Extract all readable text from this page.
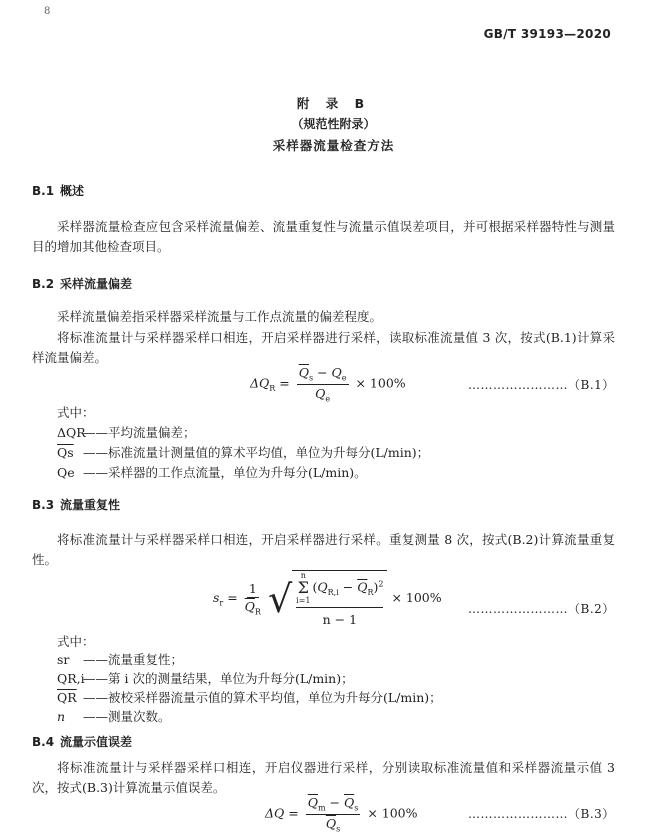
8
GB/T 39193—2020
附 录 B
（规范性附录）
采样器流量检查方法
B.1 概述
采样器流量检查应包含采样流量偏差、流量重复性与流量示值误差项目，并可根据采样器特性与测量目的增加其他检查项目。
B.2 采样流量偏差
采样流量偏差指采样器采样流量与工作点流量的偏差程度。
将标准流量计与采样器采样口相连，开启采样器进行采样，读取标准流量值 3 次，按式(B.1)计算采样流量偏差。
$\Delta Q_R = \frac{\overline{Q}_s - Q_e}{Q_e} \times 100\%$	……………………（B.1）
式中：
ΔQR——平均流量偏差；
$\overline{Qs}$ ——标准流量计测量值的算术平均值，单位为升每分(L/min)；
Qe ——采样器的工作点流量，单位为升每分(L/min)。
B.3 流量重复性
将标准流量计与采样器采样口相连，开启采样器进行采样。重复测量 8 次，按式(B.2)计算流量重复性。
$s_r = \frac{1}{\overline{Q}_R}$
√
n
Σ
i=1
$(Q_{R,i} - \overline{Q}_R)^2$
n − 1
× 100%
……………………（B.2）
式中：
sr ——流量重复性；
QR,i——第 i 次的测量结果，单位为升每分(L/min)；
$\overline{QR}$ ——被校采样器流量示值的算术平均值，单位为升每分(L/min)；
n ——测量次数。
B.4 流量示值误差
将标准流量计与采样器采样口相连，开启仪器进行采样，分别读取标准流量值和采样器流量示值 3 次，按式(B.3)计算流量示值误差。
$\Delta Q = \frac{\overline{Q}_m - \overline{Q}_s}{\overline{Q}_s} \times 100\%$	……………………（B.3）
